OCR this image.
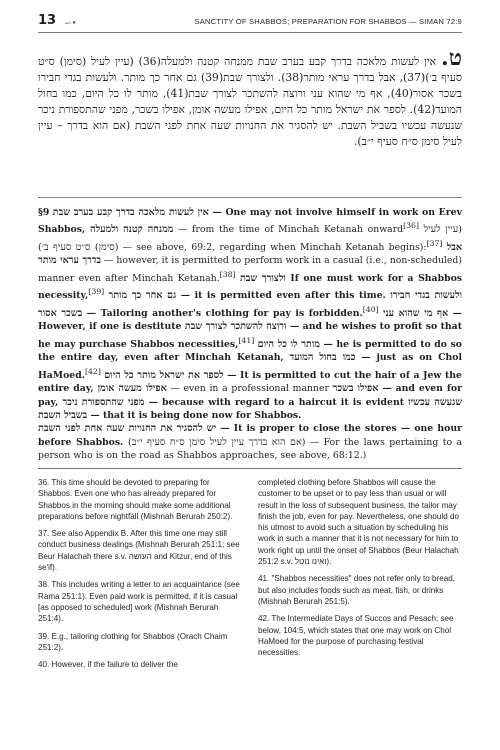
13 ∽•	SANCTITY OF SHABBOS; PREPARATION FOR SHABBOS — SIMAN 72:9
ט. אין לעשות מלאכה בדרך קבע בערב שבת ממנחה קטנה ולמעלה(36) (עיין לעיל (סימן) ס״ט סעיף ב׳)(37), אבל בדרך עראי מותר(38). ולצורך שבת(39) גם אחר כך מותר. ולעשות בגדי חבירו בשכר אסור(40), אף מי שהוא עני ורוצה להשתכר לצורך שבת(41), מותר לו כל היום, כמו בחול המועד(42). לספר את ישראל מותר כל היום, אפילו מעשה אומן, אפילו בשכר, מפני שהתספורת ניכר שנעשה עכשיו בשביל השבת. יש להסגיר את החנויות שעה אחת לפני השבת (אם הוא בדרך – עיין לעיל סימן ס״ח סעיף י״ב).

§9 אין לעשות מלאכה בדרך קבע בערב שבת — One may not involve himself in work on Erev Shabbos, ממנחה קטנה ולמעלה — from the time of Minchah Ketanah onward[36] (עיין לעיל (סימן) ס״ט סעיף ב׳) — see above, 69:2, regarding when Minchah Ketanah begins):[37] אבל בדרך עראי מותר — however, it is permitted to perform work in a casual (i.e., non-scheduled) manner even after Minchah Ketanah.[38] ולצורך שבת If one must work for a Shabbos necessity,[39] גם אחר כך מותר — it is permitted even after this time. ולעשות בגדי חבירו בשכר אסור — Tailoring another's clothing for pay is forbidden.[40] אף מי שהוא עני — However, if one is destitute ורוצה להשתכר לצורך שבת — and he wishes to profit so that he may purchase Shabbos necessities,[41] מותר לו כל היום — he is permitted to do so the entire day, even after Minchah Ketanah, כמו בחול המועד — just as on Chol HaMoed.[42] לספר את ישראל מותר כל היום — It is permitted to cut the hair of a Jew the entire day, אפילו מעשה אומן — even in a professional manner אפילו בשכר — and even for pay, מפני שהתספורת ניכר — because with regard to a haircut it is evident שנעשה עכשיו בשביל השבת — that it is being done now for Shabbos.

יש להסגיר את החנויות שעה אחת לפני השבת — It is proper to close the stores — one hour before Shabbos. (אם הוא בדרך עיין לעיל סימן ס״ח סעיף י״ב) — For the laws pertaining to a person who is on the road as Shabbos approaches, see above, 68:12.)

36. This time should be devoted to preparing for Shabbos. Even one who has already prepared for Shabbos in the morning should make some additional preparations before nightfall (Mishnah Berurah 250:2).

37. See also Appendix B. After this time one may still conduct business dealings (Mishnah Berurah 251:1; see Beur Halachah there s.v. העושה and Kitzur, end of this se'if).

38. This includes writing a letter to an acquaintance (see Rama 251:1). Even paid work is permitted, if it is casual [as opposed to scheduled] work (Mishnah Berurah 251:4).

39. E.g., tailoring clothing for Shabbos (Orach Chaim 251:2).

40. However, if the failure to deliver the

completed clothing before Shabbos will cause the customer to be upset or to pay less than usual or will result in the loss of subsequent business, the tailor may finish the job, even for pay. Nevertheless, one should do his utmost to avoid such a situation by scheduling his work in such a manner that it is not necessary for him to work right up until the onset of Shabbos (Beur Halachah 251:2 s.v. ואינו נוטל).

41. "Shabbos necessities" does not refer only to bread, but also includes foods such as meat, fish, or drinks (Mishnah Berurah 251:5).

42. The Intermediate Days of Succos and Pesach; see below, 104:5, which states that one may work on Chol HaMoed for the purpose of purchasing festival necessities.
